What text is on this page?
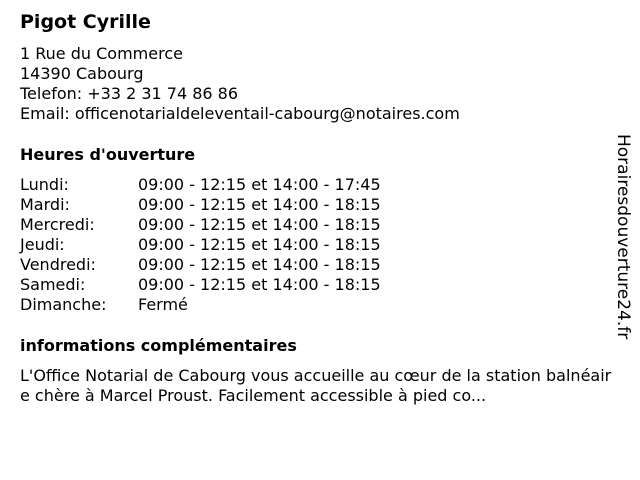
Pigot Cyrille
1 Rue du Commerce
14390 Cabourg
Telefon: +33 2 31 74 86 86
Email: officenotarialdeleventail-cabourg@notaires.com
Heures d'ouverture
Lundi:	09:00 - 12:15 et 14:00 - 17:45
Mardi:	09:00 - 12:15 et 14:00 - 18:15
Mercredi:	09:00 - 12:15 et 14:00 - 18:15
Jeudi:	09:00 - 12:15 et 14:00 - 18:15
Vendredi:	09:00 - 12:15 et 14:00 - 18:15
Samedi:	09:00 - 12:15 et 14:00 - 18:15
Dimanche:	Fermé
informations complémentaires
L'Office Notarial de Cabourg vous accueille au cœur de la station balnéaire chère à Marcel Proust. Facilement accessible à pied co...
Horairesdouverture24.fr
